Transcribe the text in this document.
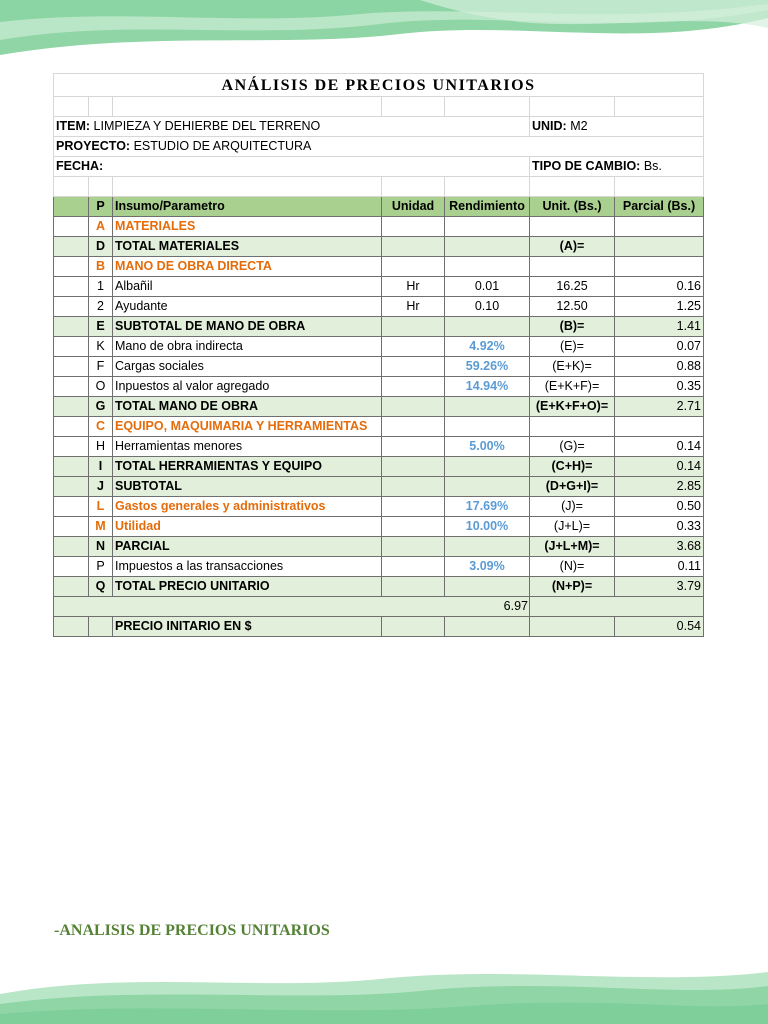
ANÁLISIS DE PRECIOS UNITARIOS						

ITEM: LIMPIEZA Y DEHIERBE DEL TERRENO					UNID: M2	
PROYECTO: ESTUDIO DE ARQUITECTURA						
FECHA:					TIPO DE CAMBIO: Bs.	

	P	Insumo/Parametro	Unidad	Rendimiento	Unit. (Bs.)	Parcial (Bs.)
	A	MATERIALES				
	D	TOTAL MATERIALES			(A)=	
	B	MANO DE OBRA DIRECTA				
	1	Albañil	Hr	0.01	16.25	0.16
	2	Ayudante	Hr	0.10	12.50	1.25
	E	SUBTOTAL DE MANO DE OBRA			(B)=	1.41
	K	Mano de obra indirecta		4.92%	(E)=	0.07
	F	Cargas sociales		59.26%	(E+K)=	0.88
	O	Inpuestos al valor agregado		14.94%	(E+K+F)=	0.35
	G	TOTAL MANO DE OBRA			(E+K+F+O)=	2.71
	C	EQUIPO, MAQUIMARIA Y HERRAMIENTAS				
	H	Herramientas menores		5.00%	(G)=	0.14
	I	TOTAL HERRAMIENTAS Y EQUIPO			(C+H)=	0.14
	J	SUBTOTAL			(D+G+I)=	2.85
	L	Gastos generales y administrativos		17.69%	(J)=	0.50
	M	Utilidad		10.00%	(J+L)=	0.33
	N	PARCIAL			(J+L+M)=	3.68
	P	Impuestos a las transacciones		3.09%	(N)=	0.11
	Q	TOTAL PRECIO UNITARIO			(N+P)=	3.79
6.97						
		PRECIO INITARIO EN $				0.54
-ANALISIS DE PRECIOS UNITARIOS
